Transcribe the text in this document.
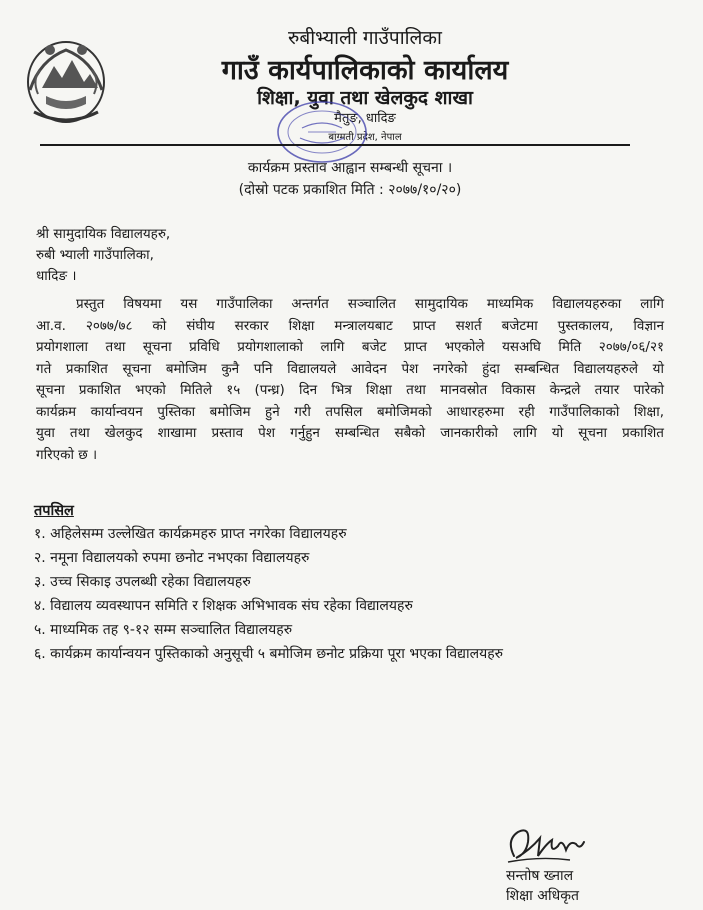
रुबीभ्याली गाउँपालिका
गाउँ कार्यपालिकाको कार्यालय
शिक्षा, युवा तथा खेलकुद शाखा
मैतुङ, धादिङ
बाग्मती प्रदेश, नेपाल
कार्यक्रम प्रस्ताव आह्वान सम्बन्धी सूचना ।
(दोस्रो पटक प्रकाशित मिति : २०७७/१०/२०)
श्री सामुदायिक विद्यालयहरु,
रुबी भ्याली गाउँपालिका,
धादिङ ।
प्रस्तुत विषयमा यस गाउँपालिका अन्तर्गत सञ्चालित सामुदायिक माध्यमिक विद्यालयहरुका लागि
आ.व. २०७७/७८ को संघीय सरकार शिक्षा मन्त्रालयबाट प्राप्त सशर्त बजेटमा पुस्तकालय, विज्ञान
प्रयोगशाला तथा सूचना प्रविधि प्रयोगशालाको लागि बजेट प्राप्त भएकोले यसअघि मिति २०७७/०६/२१
गते प्रकाशित सूचना बमोजिम कुनै पनि विद्यालयले आवेदन पेश नगरेको हुंदा सम्बन्धित विद्यालयहरुले यो
सूचना प्रकाशित भएको मितिले १५ (पन्ध्र) दिन भित्र शिक्षा तथा मानवस्रोत विकास केन्द्रले तयार पारेको
कार्यक्रम कार्यान्वयन पुस्तिका बमोजिम हुने गरी तपसिल बमोजिमको आधारहरुमा रही गाउँपालिकाको शिक्षा,
युवा तथा खेलकुद शाखामा प्रस्ताव पेश गर्नुहुन सम्बन्धित सबैको जानकारीको लागि यो सूचना प्रकाशित
गरिएको छ ।
तपसिल
१. अहिलेसम्म उल्लेखित कार्यक्रमहरु प्राप्त नगरेका विद्यालयहरु
२. नमूना विद्यालयको रुपमा छनोट नभएका विद्यालयहरु
३. उच्च सिकाइ उपलब्धी रहेका विद्यालयहरु
४. विद्यालय व्यवस्थापन समिति र शिक्षक अभिभावक संघ रहेका विद्यालयहरु
५. माध्यमिक तह ९-१२ सम्म सञ्चालित विद्यालयहरु
६. कार्यक्रम कार्यान्वयन पुस्तिकाको अनुसूची ५ बमोजिम छनोट प्रक्रिया पूरा भएका विद्यालयहरु
सन्तोष ख्नाल
शिक्षा अधिकृत
